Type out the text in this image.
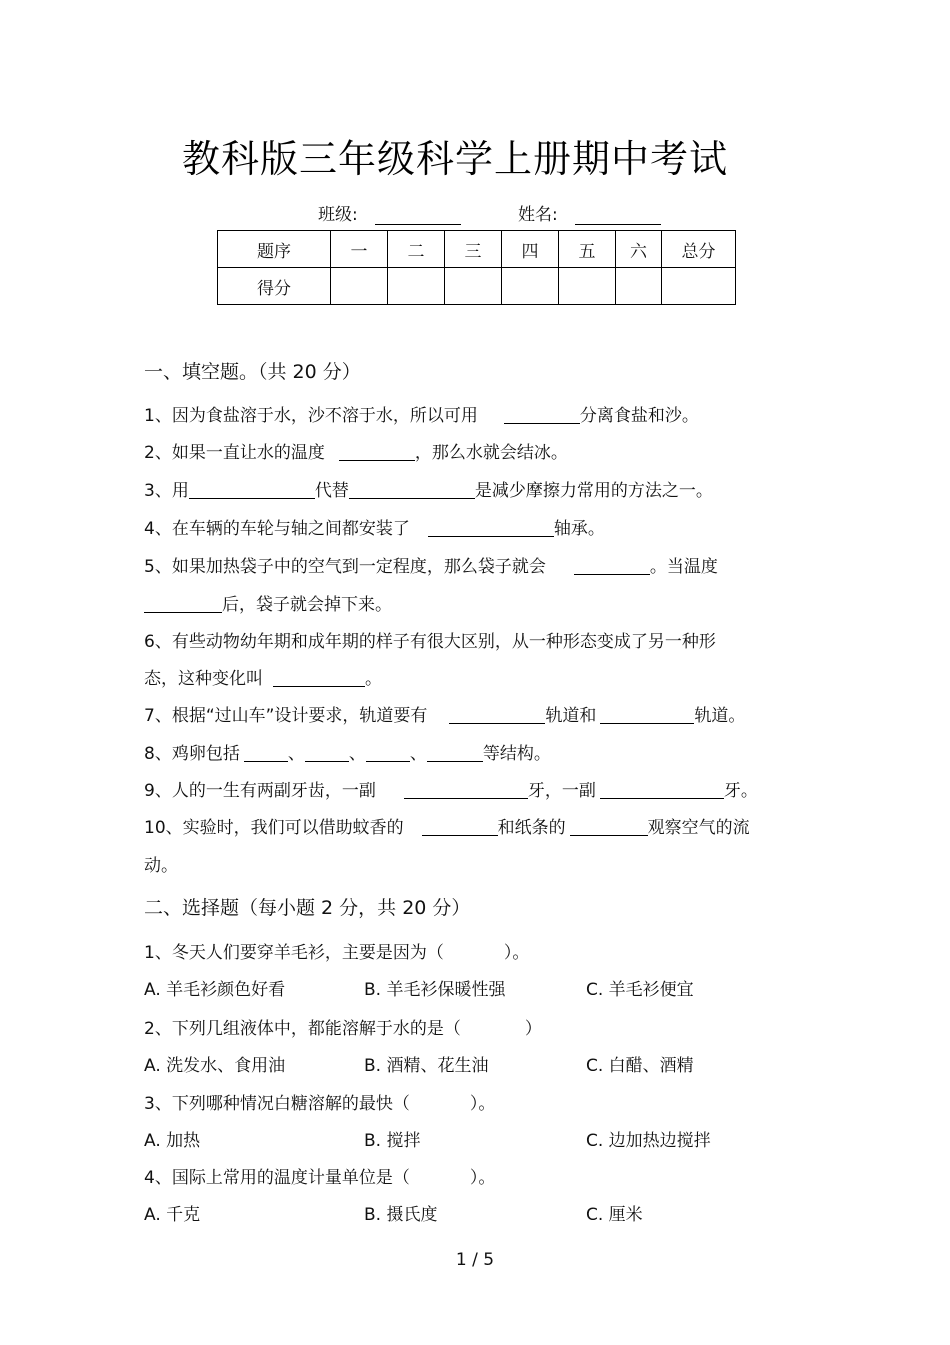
教科版三年级科学上册期中考试
班级:	姓名:
题序	一	二	三	四	五	六	总分
得分							
一、填空题。（共 20 分）
1、因为食盐溶于水，沙不溶于水，所以可用	分离食盐和沙。
2、如果一直让水的温度	，那么水就会结冰。
3、用	代替	是减少摩擦力常用的方法之一。
4、在车辆的车轮与轴之间都安装了	轴承。
5、如果加热袋子中的空气到一定程度，那么袋子就会	。当温度
后，袋子就会掉下来。
6、有些动物幼年期和成年期的样子有很大区别，从一种形态变成了另一种形
态，这种变化叫	。
7、根据“过山车”设计要求，轨道要有	轨道和	轨道。
8、鸡卵包括	、	、	、	等结构。
9、人的一生有两副牙齿，一副	牙，一副	牙。
10、实验时，我们可以借助蚊香的	和纸条的	观察空气的流
动。
二、选择题（每小题 2 分，共 20 分）
1、冬天人们要穿羊毛衫，主要是因为（	）。
A. 羊毛衫颜色好看	B. 羊毛衫保暖性强	C. 羊毛衫便宜
2、下列几组液体中，都能溶解于水的是（	）
A. 洗发水、食用油	B. 酒精、花生油	C. 白醋、酒精
3、下列哪种情况白糖溶解的最快（	）。
A. 加热	B. 搅拌	C. 边加热边搅拌
4、国际上常用的温度计量单位是（	）。
A. 千克	B. 摄氏度	C. 厘米
1 / 5
